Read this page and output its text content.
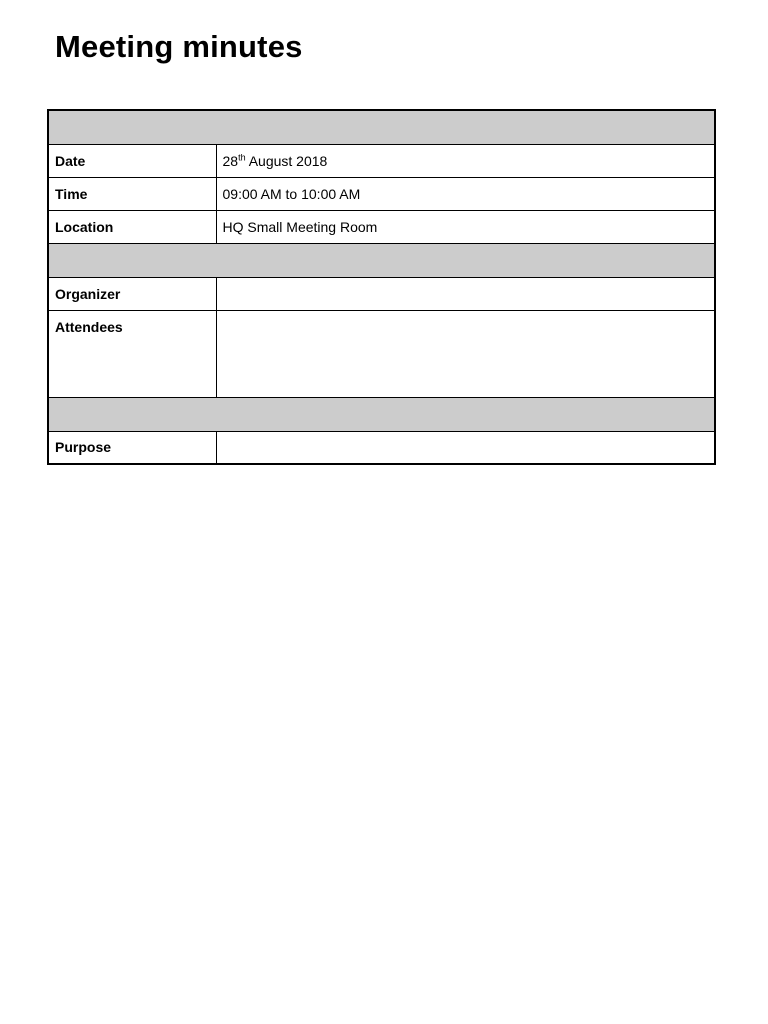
Meeting minutes

Date	28th August 2018
Time	09:00 AM to 10:00 AM
Location	HQ Small Meeting Room

Organizer	
Attendees	

Purpose	
